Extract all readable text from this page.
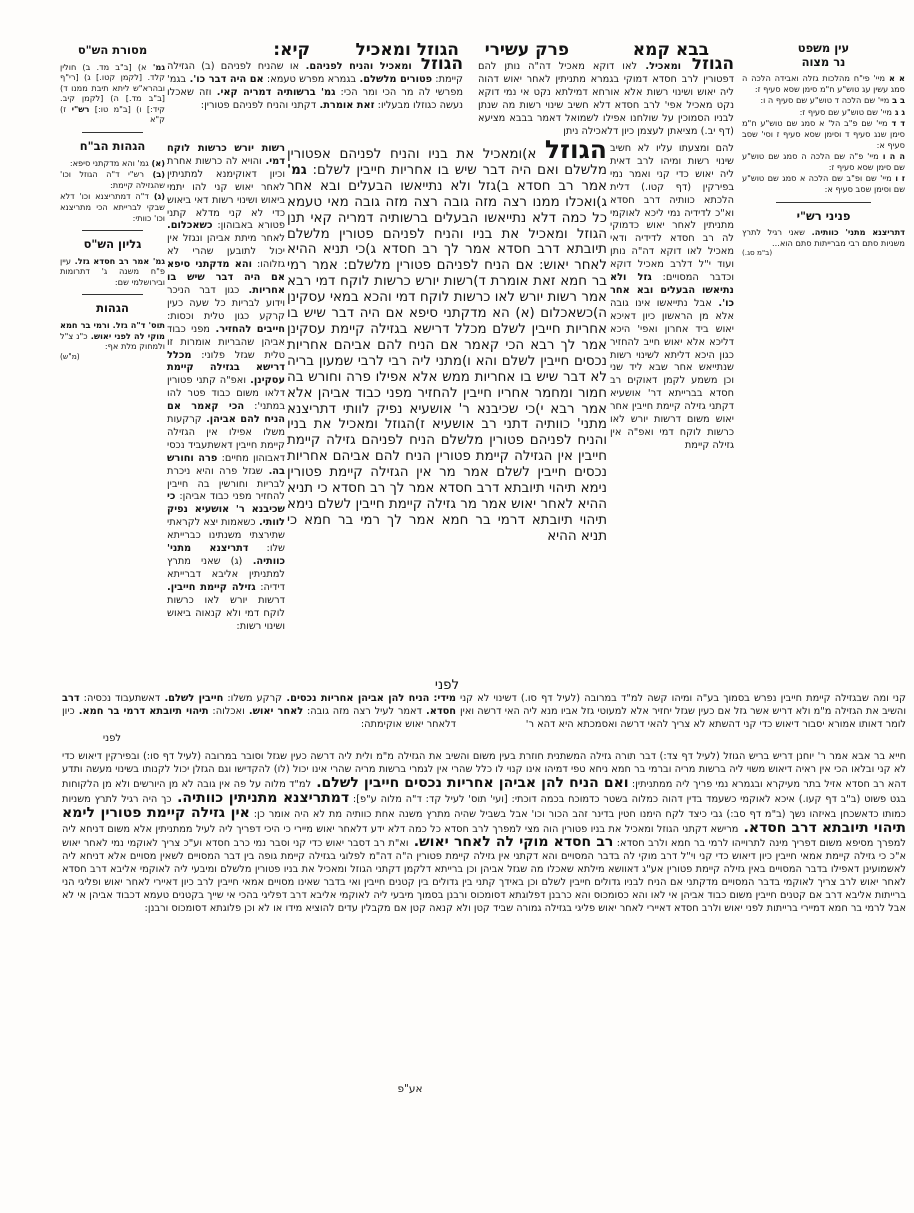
קיא:	הגוזל ומאכיל פרק עשירי	בבא קמא	עין משפט
נר מצוה
א א מיי' פי"ח מהלכות גזלה ואבידה הלכה ה סמג עשין עג טוש"ע ח"מ סימן שסא סעיף ז:
ב ב מיי' שם הלכה ד טוש"ע שם סעיף ה ו:
ג ג מיי' שם טוש"ע שם סעיף ז:
ד ד מיי' שם פ"ב הל' א סמג שם טוש"ע ח"מ סימן שנג סעיף ד וסימן שסא סעיף ז וסי' שסב סעיף א:
ה ה ו מיי' פ"ה שם הלכה ה סמג שם טוש"ע שם סימן שסא סעיף ז:
ז ו מיי' שם ופ"ב שם הלכה א סמג שם טוש"ע שם וסימן שסב סעיף א:
◆
פניני רש"י
דתריצנא מתני' כוותיה. שאני רגיל לתרץ משניות סתם רבי מברייתות סתם הוא...
(ב"מ סג.)
מסורת הש"ס
גמ' א) [ב"ב מד. ב) חולין קלד. [לקמן קטו.] ג) [רי"ף ובהרא"ש ליתא תיבת ממנו ד) [ב"ב מד.] ה) [לקמן קיב. קיד:] ו) [ב"מ טו:] רש"י ז) ק"א
◆
הגהות הב"ח
(א) גמ' והא מדקתני סיפא:
(ב) רש"י ד"ה הגוזל וכו' שהגזילה קיימת:
(ג) ד"ה דמתריצנא וכו' דלא שבקי לברייתא הכי מתריצנא וכו' כוותי:
◆
גליון הש"ס
גמ' אמר רב חסדא גזל. עיין פ"ח משנה ג' דתרומות ובירושלמי שם:
◆
הגהות
תוס' ד"ה גזל. ורמי בר חמא מוקי לה לפני יאוש. כ"נ צ"ל ולמחוק מלת אף:
(מ"ש)
הגוזל ומאכיל והניח לפניהם. או שהניח לפניהם (ב) הגזילה קיימת: פטורים מלשלם. בגמרא מפרש טעמא: אם היה דבר כו'. בגמ' מפרשי לה מר הכי ומר הכי: גמ' ברשותיה דמריה קאי. וזה שאכלו נעשה כגוזלו מבעליו: זאת אומרת. דקתני והניח לפניהם פטורין:
הגוזל ומאכיל. לאו דוקא מאכיל דה"ה נותן להם דפטורין לרב חסדא דמוקי בגמרא מתניתין לאחר יאוש דהוה ליה יאוש ושינוי רשות אלא אורחא דמילתא נקט אי נמי דוקא נקט מאכיל אפי' לרב חסדא דלא חשיב שינוי רשות מה שנתן לבניו הסמוכין על שולחנו אפילו לשמואל דאמר בבבא מציעא (דף יב.) מציאתן לעצמן כיון דלאכילה ניתן
רשות יורש כרשות לוקח דמי. והויא לה כרשות אחרת וכיון דאוקימנא למתניתין לאחר יאוש קני להו יתמי ביאוש ושינוי רשות דאי ביאוש כדי לא קני מדלא קתני פטורא באבוהון: כשאכלום. לאחר מיתת אביהן ונגזל אין יכול לתובען שהרי לא גזלוהו: והא מדקתני סיפא אם היה דבר שיש בו אחריות. כגון דבר הניכר וידוע לבריות כל שעה כעין קרקע כגון טלית וכסות: חייבים להחזיר. מפני כבוד אביהן שהבריות אומרות זו טלית שגזל פלוני: מכלל דרישא בגזילה קיימת עסקינן. ואפ"ה קתני פטורין דלאו משום כבוד פטר להו במתני': הכי קאמר אם הניח להם אביהן. קרקעות משלו אפילו אין הגזילה קיימת חייבין דאשתעביד נכסי דאבוהון מחיים: פרה וחורש בה. שגזל פרה והיא ניכרת לבריות וחורשין בה חייבין להחזיר מפני כבוד אביהן: כי שכיבנא ר' אושעיא נפיק לוותי. כשאמות יצא לקראתי שתירצתי משנתינו כברייתא שלו: דתריצנא מתני' כוותיה. (ג) שאני מתרץ למתניתין אליבא דברייתא דידיה: גזילה קיימת חייבין. דרשות יורש לאו כרשות לוקח דמי ולא קנאוה ביאוש ושינוי רשות:
הגוזל א)ומאכיל את בניו והניח לפניהם אפטורין מלשלם ואם היה דבר שיש בו אחריות חייבין לשלם: גמ' אמר רב חסדא ב)גזל ולא נתייאשו הבעלים ובא אחר ג)ואכלו ממנו רצה מזה גובה רצה מזה גובה מאי טעמא כל כמה דלא נתייאשו הבעלים ברשותיה דמריה קאי תנן הגוזל ומאכיל את בניו והניח לפניהם פטורין מלשלם תיובתא דרב חסדא אמר לך רב חסדא ג)כי תניא ההיא לאחר יאוש: אם הניח לפניהם פטורין מלשלם: אמר רמי בר חמא זאת אומרת ד)רשות יורש כרשות לוקח דמי רבא אמר רשות יורש לאו כרשות לוקח דמי והכא במאי עסקינן ה)כשאכלום (א) הא מדקתני סיפא אם היה דבר שיש בו אחריות חייבין לשלם מכלל דרישא בגזילה קיימת עסקינן אמר לך רבא הכי קאמר אם הניח להם אביהם אחריות נכסים חייבין לשלם והא ו)מתני ליה רבי לרבי שמעון בריה לא דבר שיש בו אחריות ממש אלא אפילו פרה וחורש בה חמור ומחמר אחריו חייבין להחזיר מפני כבוד אביהן אלא אמר רבא י)כי שכיבנא ר' אושעיא נפיק לוותי דתריצנא מתני' כוותיה דתני רב אושעיא ז)הגוזל ומאכיל את בניו והניח לפניהם פטורין מלשלם הניח לפניהם גזילה קיימת חייבין אין הגזילה קיימת פטורין הניח להם אביהם אחריות נכסים חייבין לשלם אמר מר אין הגזילה קיימת פטורין נימא תיהוי תיובתא דרב חסדא אמר לך רב חסדא כי תניא ההיא לאחר יאוש אמר מר גזילה קיימת חייבין לשלם נימא תיהוי תיובתא דרמי בר חמא אמר לך רמי בר חמא כי תניא ההיא
לפני
להם ומצעתו עליו לא חשיב שינוי רשות ומיהו לרב דאית ליה יאוש כדי קני ואמר נמי בפירקין (דף קטו.) דלית הלכתא כוותיה דרב חסדא וא"כ לדידיה נמי ליכא לאוקמי מתניתין לאחר יאוש כדמוקי לה רב חסדא לדידיה ודאי מאכיל לאו דוקא דה"ה נותן ועוד י"ל דלרב מאכיל דוקא וכדבר המסויים: גזל ולא נתיאשו הבעלים ובא אחר כו'. אבל נתייאשו אינו גובה אלא מן הראשון כיון דאיכא יאוש ביד אחרון ואפי' היכא דליכא אלא יאוש חייב להחזיר כגון היכא דליתא לשינוי רשות שנתייאש אחר שבא ליד שני וכן משמע לקמן דאוקים רב חסדא בברייתא דר' אושעיא דקתני גזילה קיימת חייבין אחר יאוש משום דרשות יורש לאו כרשות לוקח דמי ואפ"ה אין גזילה קיימת
מידי: הניח להן אביהן אחריות נכסים. קרקע משלו: חייבין לשלם. דאשתעבוד נכסיה: דרב חסדא. דאמר לעיל רצה מזה גובה: לאחר יאוש. ואכלוה: תיהוי תיובתא דרמי בר חמא. כיון דלאחר יאוש אוקימתה:
לפני
קני ומה שבגזילה קיימת חייבין נפרש בסמוך בע"ה ומיהו קשה למ"ד במרובה (לעיל דף סו.) דשינוי לא קני והשיב את הגזילה מ"מ ולא דריש אשר גזל אם כעין שגזל יחזיר אלא למעוטי גזל אביו מנא ליה האי דרשה ואין לומר דאותו אמורא יסבור דיאוש כדי קני דהשתא לא צריך להאי דרשה ואסמכתא היא דהא ר'
חייא בר אבא אמר ר' יוחנן דריש בריש הגוזל (לעיל דף צד:) דבר תורה גזילה המשתנית חוזרת בעין משום והשיב את הגזילה מ"מ ולית ליה דרשה כעין שגזל וסובר במרובה (לעיל דף סו:) ובפירקין דיאוש כדי לא קני ובלאו הכי אין ראיה דיאוש משוי ליה ברשות מריה וברמי בר חמא ניחא טפי דמיהו אינו קנוי לו כלל שהרי אין לגמרי ברשות מריה שהרי אינו יכול (לו) להקדישו וגם הגזלן יכול לקנותו בשינוי מעשה ותדע דהא רב חסדא אזיל בתר מעיקרא ובגמרא נמי פריך ליה ממתניתין: ואם הניח להן אביהן אחריות נכסים חייבין לשלם. למ"ד מלוה על פה אין גובה לא מן היורשים ולא מן הלקוחות בגט פשוט (ב"ב דף קעו.) איכא לאוקמי כשעמד בדין דהוה כמלוה בשטר כדמוכח בכמה דוכתי: [ועי' תוס' לעיל קד: ד"ה מלוה ע"פ]: דמתריצנא מתניתין כוותיה. כך היה רגיל לתרץ משניות כמותו כדאשכחן באיזהו נשך (ב"מ דף סב:) גבי כיצד לקח הימנו חטין בדינר זהב הכור וכו' אבל בשביל שהיה מתרץ משנה אחת כוותיה מת לא היה אומר כן: אין גזילה קיימת פטורין לימא תיהוי תיובתא דרב חסדא. מרישא דקתני הגוזל ומאכיל את בניו פטורין הוה מצי למפרך לרב חסדא כל כמה דלא ידע דלאחר יאוש מיירי כי היכי דפריך ליה לעיל ממתניתין אלא משום דניחא ליה למפרך מסיפא משום דפריך מינה לתרוייהו לרמי בר חמא ולרב חסדא: רב חסדא מוקי לה לאחר יאוש. וא"ת רב דסבר יאוש כדי קני וסבר נמי כרב חסדא וע"כ צריך לאוקמי נמי לאחר יאוש א"כ כי גזילה קיימת אמאי חייבין כיון דיאוש כדי קני וי"ל דרב מוקי לה בדבר המסויים והא דקתני אין גזילה קיימת פטורין ה"ה דה"מ לפלוגי בגזילה קיימת גופה בין דבר המסויים לשאין מסויים אלא דניחא ליה לאשמועינן דאפילו בדבר המסויים באין גזילה קיימת פטורין אע"ג דאוושא מילתא שאכלו מה שגזל אביהן וכן ברייתא דלקמן דקתני הגוזל ומאכיל את בניו פטורין מלשלם ומיבעי ליה לאוקמי אליבא דרב חסדא לאחר יאוש לרב צריך לאוקמי בדבר המסויים מדקתני אם הניח לבניו גדולים חייבין לשלם וכן באידך קתני בין גדולים בין קטנים חייבין ואי בדבר שאינו מסויים אמאי חייבין לרב כיון דאיירי לאחר יאוש ופליגי הני ברייתות אליבא דרב אם קטנים חייבין משום כבוד אביהן אי לאו והא כסומכוס והא כרבנן דפלוגתא דסומכוס ורבנן בסמוך מיבעי ליה לאוקמי אליבא דרב דפליגי בהכי אי שייך בקטנים טעמא דכבוד אביהן אי לא אבל לרמי בר חמא דמיירי ברייתות לפני יאוש ולרב חסדא דאיירי לאחר יאוש פליגי בגזילה גמורה שביד קטן ולא קנאה קטן אם מקבלין עדים להוציא מידו או לא וכן פלוגתא דסומכוס ורבנן:
אע"פ
